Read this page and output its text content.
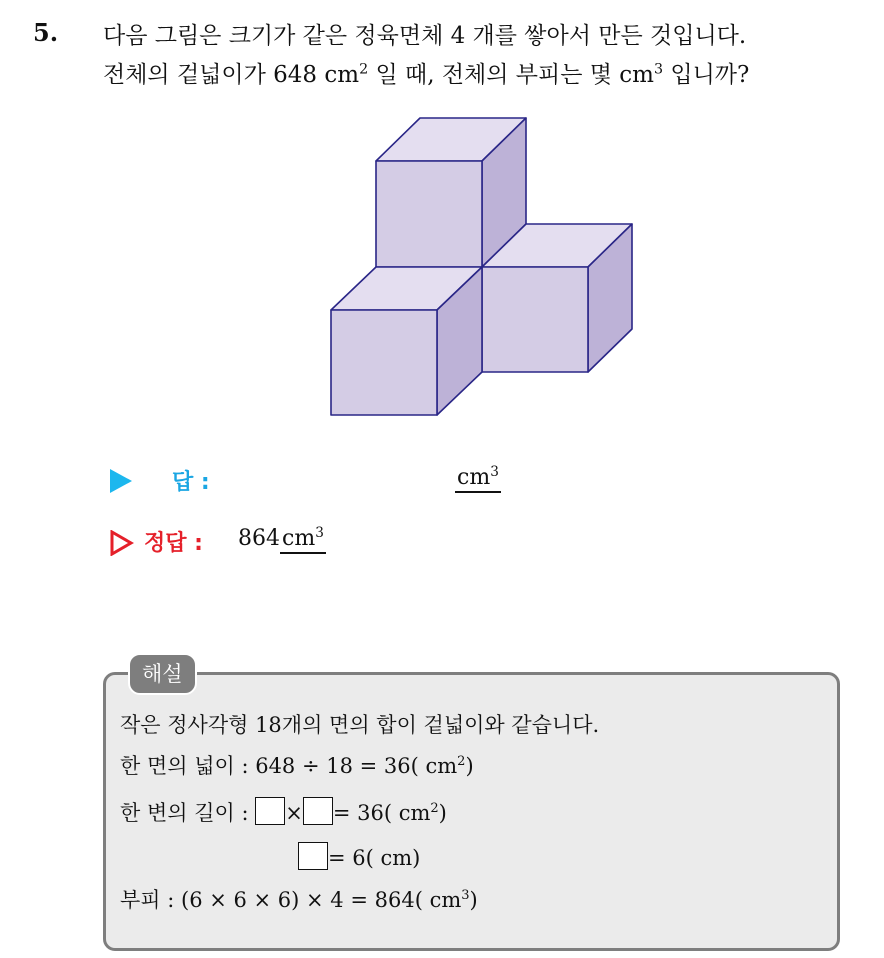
5. 다음 그림은 크기가 같은 정육면체 4 개를 쌓아서 만든 것입니다.
전체의 겉넓이가 648 $cm^2$ 일 때, 전체의 부피는 몇 $cm^3$ 입니까?
답 :	$cm^3$
정답 : $864cm^3$
해설
작은 정사각형 18개의 면의 합이 겉넓이와 같습니다.
한 면의 넓이 : 648 ÷ 18 = 36( $cm^2$)
한 변의 길이 : × = 36( $cm^2$)
= 6( cm)
부피 : (6 × 6 × 6) × 4 = 864( $cm^3$)
